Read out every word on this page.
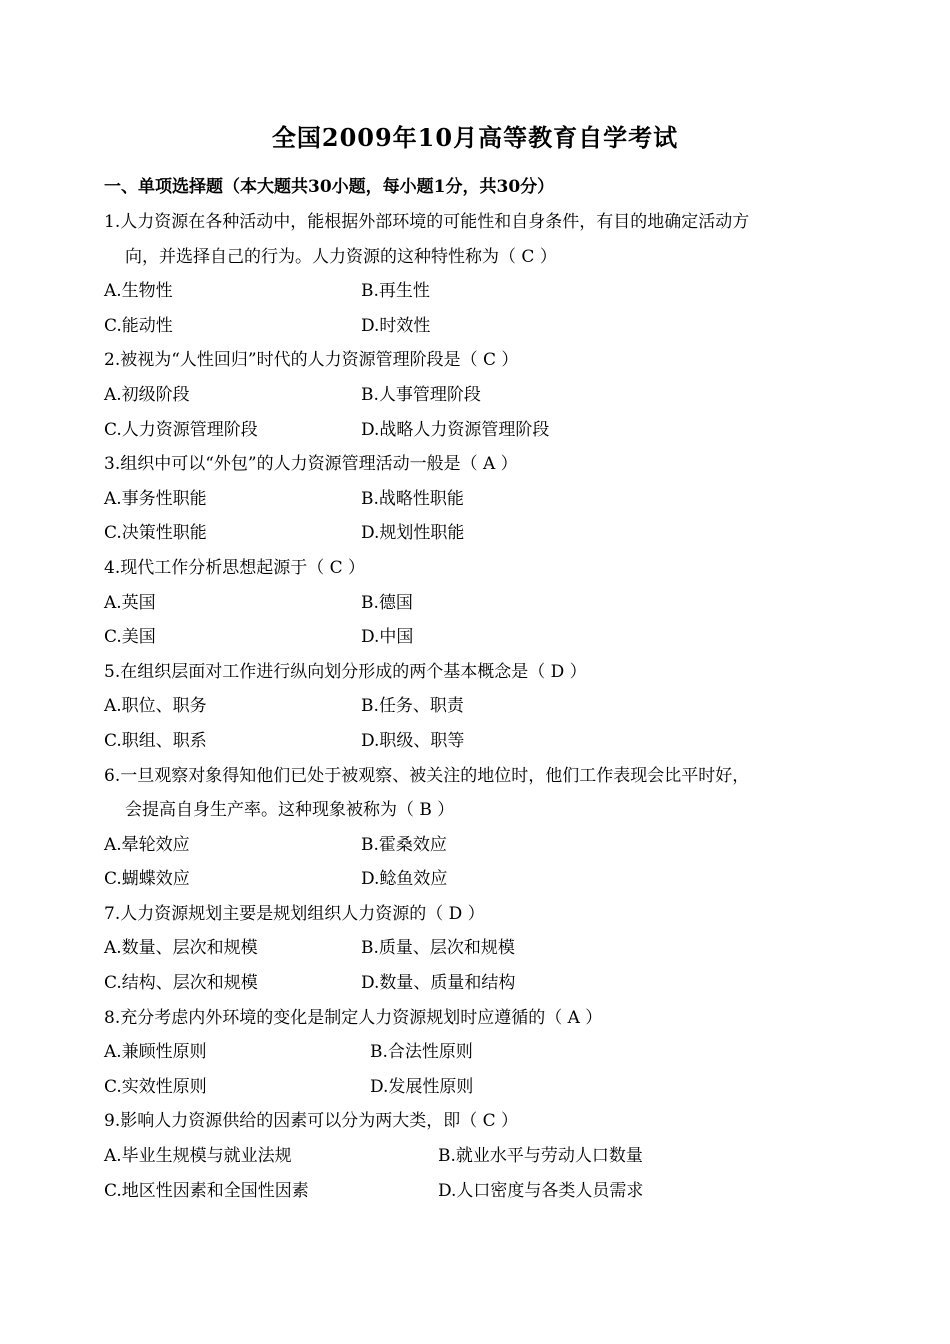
全国2009年10月高等教育自学考试
一、单项选择题（本大题共30小题，每小题1分，共30分）
1.人力资源在各种活动中，能根据外部环境的可能性和自身条件，有目的地确定活动方
向，并选择自己的行为。人力资源的这种特性称为（ C ）
A.生物性	B.再生性
C.能动性	D.时效性
2.被视为“人性回归”时代的人力资源管理阶段是（ C ）
A.初级阶段	B.人事管理阶段
C.人力资源管理阶段	D.战略人力资源管理阶段
3.组织中可以“外包”的人力资源管理活动一般是（ A ）
A.事务性职能	B.战略性职能
C.决策性职能	D.规划性职能
4.现代工作分析思想起源于（ C ）
A.英国	B.德国
C.美国	D.中国
5.在组织层面对工作进行纵向划分形成的两个基本概念是（ D ）
A.职位、职务	B.任务、职责
C.职组、职系	D.职级、职等
6.一旦观察对象得知他们已处于被观察、被关注的地位时，他们工作表现会比平时好，
会提高自身生产率。这种现象被称为（ B ）
A.晕轮效应	B.霍桑效应
C.蝴蝶效应	D.鲶鱼效应
7.人力资源规划主要是规划组织人力资源的（ D ）
A.数量、层次和规模	B.质量、层次和规模
C.结构、层次和规模	D.数量、质量和结构
8.充分考虑内外环境的变化是制定人力资源规划时应遵循的（ A ）
A.兼顾性原则	B.合法性原则
C.实效性原则	D.发展性原则
9.影响人力资源供给的因素可以分为两大类，即（ C ）
A.毕业生规模与就业法规	B.就业水平与劳动人口数量
C.地区性因素和全国性因素	D.人口密度与各类人员需求
